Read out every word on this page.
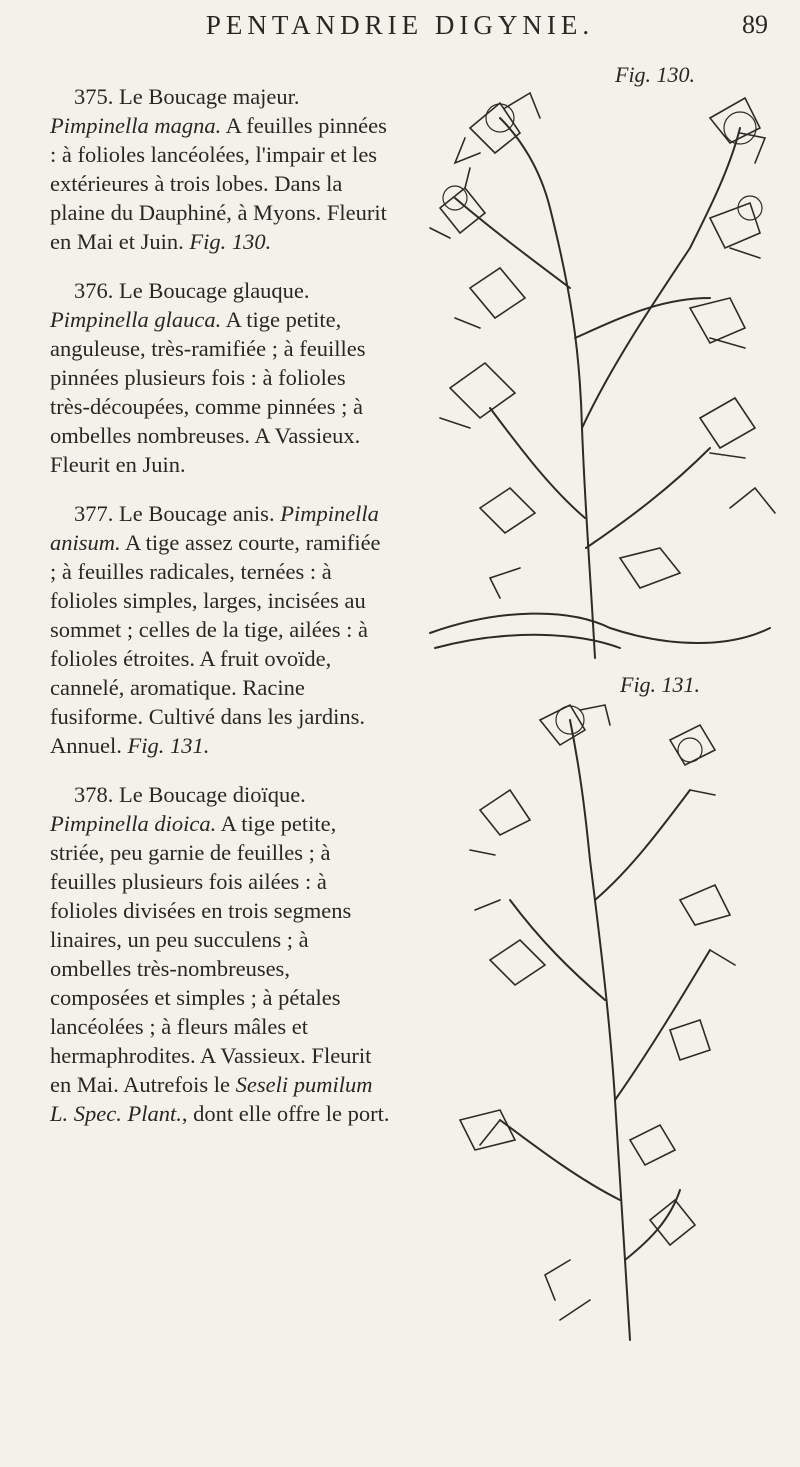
PENTANDRIE DIGYNIE.	89

375. Le Boucage majeur. Pimpinella magna. A feuilles pinnées : à folioles lancéolées, l'impair et les extérieures à trois lobes. Dans la plaine du Dauphiné, à Myons. Fleurit en Mai et Juin. Fig. 130.

376. Le Boucage glauque. Pimpinella glauca. A tige petite, anguleuse, très-ramifiée ; à feuilles pinnées plusieurs fois : à folioles très-découpées, comme pinnées ; à ombelles nombreuses. A Vassieux. Fleurit en Juin.

377. Le Boucage anis. Pimpinella anisum. A tige assez courte, ramifiée ; à feuilles radicales, ternées : à folioles simples, larges, incisées au sommet ; celles de la tige, ailées : à folioles étroites. A fruit ovoïde, cannelé, aromatique. Racine fusiforme. Cultivé dans les jardins. Annuel. Fig. 131.

378. Le Boucage dioïque. Pimpinella dioica. A tige petite, striée, peu garnie de feuilles ; à feuilles plusieurs fois ailées : à folioles divisées en trois segmens linaires, un peu succulens ; à ombelles très-nombreuses, composées et simples ; à pétales lancéolées ; à fleurs mâles et hermaphrodites. A Vassieux. Fleurit en Mai. Autrefois le Seseli pumilum L. Spec. Plant., dont elle offre le port.

Fig. 130.
Fig. 131.
